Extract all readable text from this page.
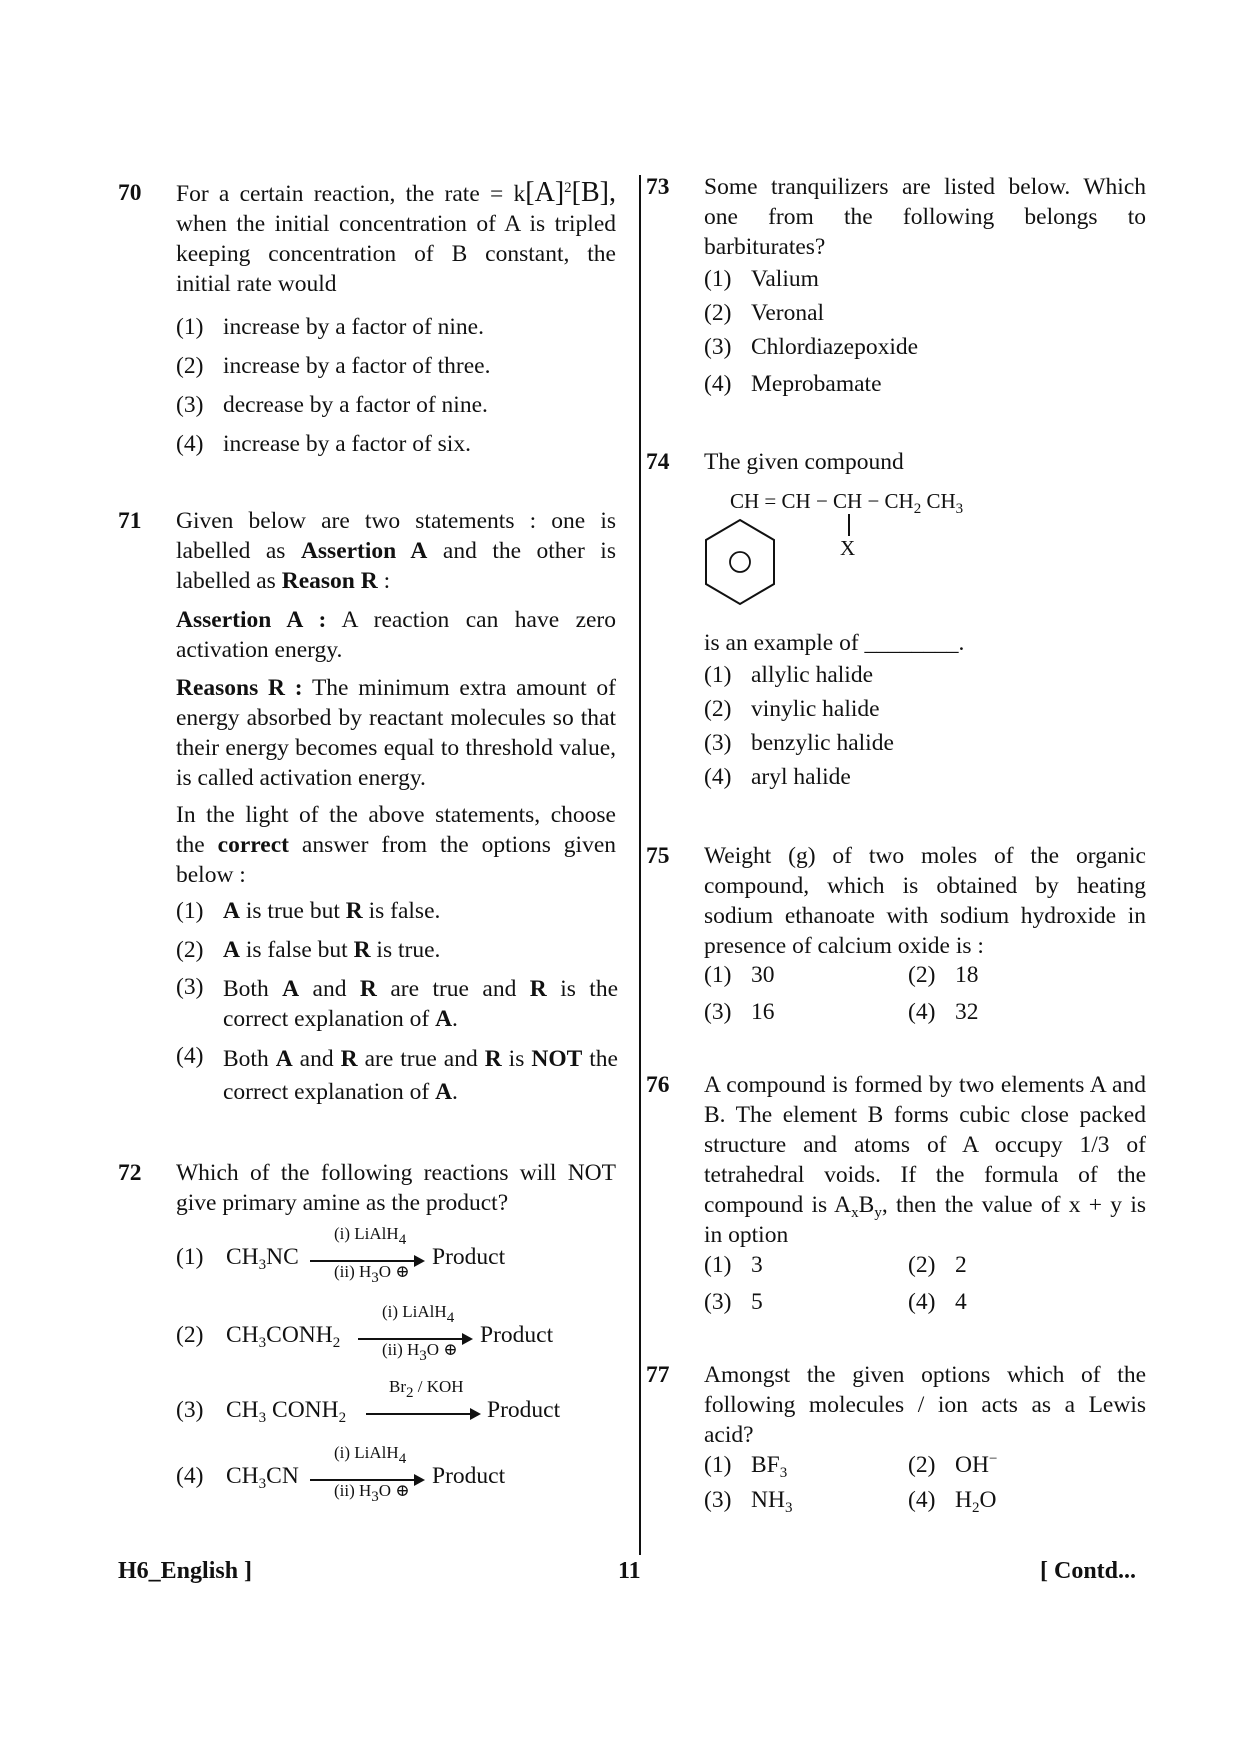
70 For a certain reaction, the rate = $k[A]^2[B]$, when the initial concentration of A is tripled keeping concentration of B constant, the initial rate would
(1) increase by a factor of nine.
(2) increase by a factor of three.
(3) decrease by a factor of nine.
(4) increase by a factor of six.
71 Given below are two statements : one is labelled as Assertion A and the other is labelled as Reason R :
Assertion A : A reaction can have zero activation energy.
Reasons R : The minimum extra amount of energy absorbed by reactant molecules so that their energy becomes equal to threshold value, is called activation energy.
In the light of the above statements, choose the correct answer from the options given below :
(1) A is true but R is false.
(2) A is false but R is true.
(3) Both A and R are true and R is the correct explanation of A.
(4) Both A and R are true and R is NOT the correct explanation of A.
72 Which of the following reactions will NOT give primary amine as the product?
(1) $CH_3NC$
(i) LiAlH$_4$
(ii) $H_3O$ ⊕
Product
(2) $CH_3CONH_2$
(i) LiAlH$_4$
(ii) $H_3O$ ⊕
Product
(3) $CH_3$ $CONH_2$
$Br_2$ / KOH
Product
(4) $CH_3CN$
(i) LiAlH$_4$
(ii) $H_3O$ ⊕
Product
73 Some tranquilizers are listed below. Which one from the following belongs to barbiturates?
(1) Valium
(2) Veronal
(3) Chlordiazepoxide
(4) Meprobamate
74 The given compound
CH = CH − CH − $CH_2$ $CH_3$
X
is an example of ________.
(1) allylic halide
(2) vinylic halide
(3) benzylic halide
(4) aryl halide
75 Weight (g) of two moles of the organic compound, which is obtained by heating sodium ethanoate with sodium hydroxide in presence of calcium oxide is :
(1) 30	(2) 18
(3) 16	(4) 32
76 A compound is formed by two elements A and B. The element B forms cubic close packed structure and atoms of A occupy 1/3 of tetrahedral voids. If the formula of the compound is $A_xB_y$, then the value of x + y is in option
(1) 3	(2) 2
(3) 5	(4) 4
77 Amongst the given options which of the following molecules / ion acts as a Lewis acid?
(1) $BF_3$	(2) OH−
(3) $NH_3$	(4) $H_2O$
H6_English ]	11	[ Contd...
